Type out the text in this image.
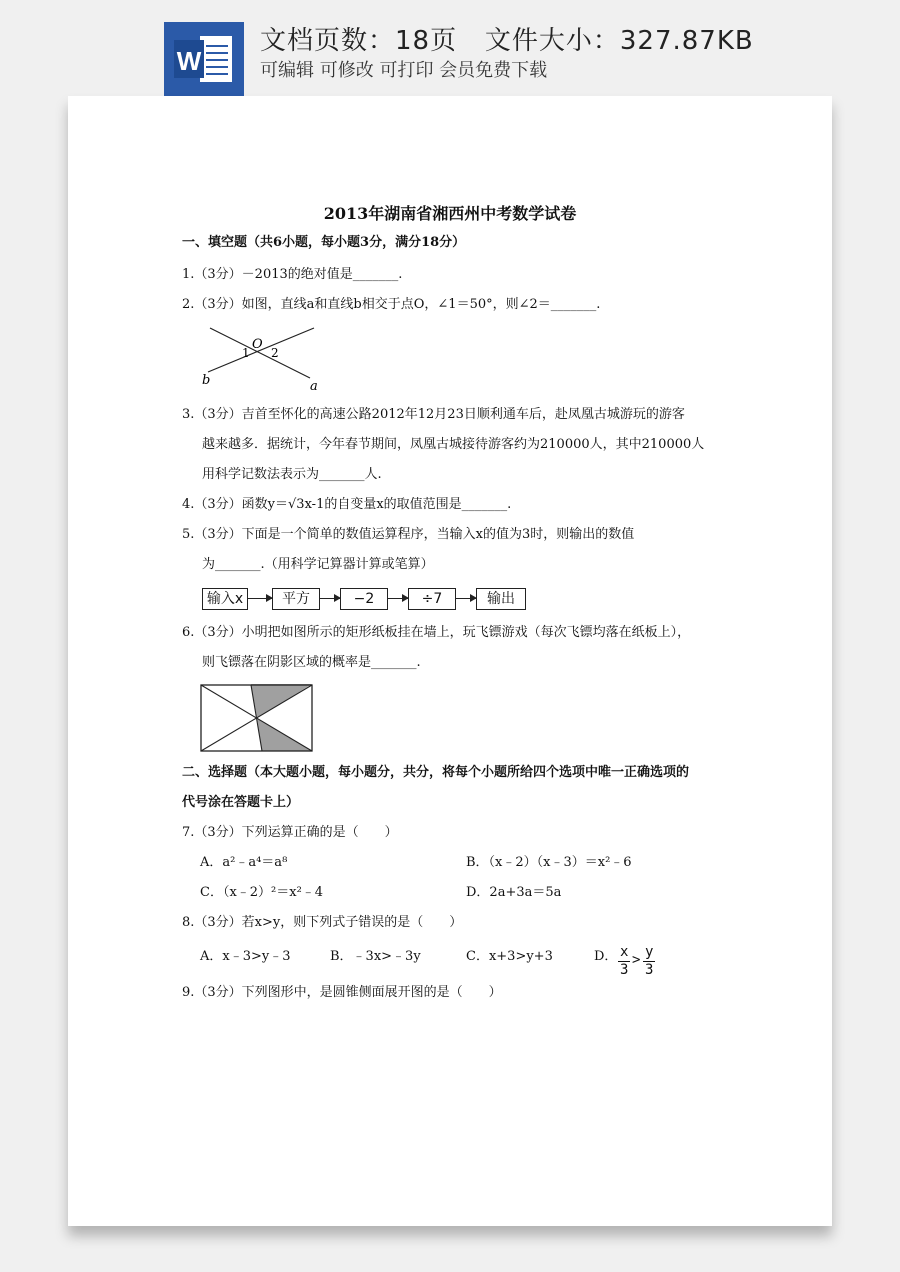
W
文档页数：18页   文件大小：327.87KB
可编辑 可修改 可打印 会员免费下载
2013年湖南省湘西州中考数学试卷
一、填空题（共6小题，每小题3分，满分18分）
1.（3分）－2013的绝对值是_______.
2.（3分）如图，直线a和直线b相交于点O，∠1＝50°，则∠2＝_______.
O
1 2
b	a
3.（3分）吉首至怀化的高速公路2012年12月23日顺利通车后，赴凤凰古城游玩的游客
越来越多．据统计，今年春节期间，凤凰古城接待游客约为210000人，其中210000人
用科学记数法表示为_______人.
4.（3分）函数y＝√3x-1的自变量x的取值范围是_______.
5.（3分）下面是一个简单的数值运算程序，当输入x的值为3时，则输出的数值
为_______.（用科学记算器计算或笔算）
输入x	平方	−2	÷7	输出
6.（3分）小明把如图所示的矩形纸板挂在墙上，玩飞镖游戏（每次飞镖均落在纸板上），
则飞镖落在阴影区域的概率是_______.
二、选择题（本大题小题，每小题分，共分，将每个小题所给四个选项中唯一正确选项的
代号涂在答题卡上）
7.（3分）下列运算正确的是（　　）
A．a²﹣a⁴＝a⁸	B．（x﹣2）（x﹣3）＝x²﹣6
C．（x﹣2）²＝x²﹣4	D．2a+3a＝5a
8.（3分）若x>y，则下列式子错误的是（　　）
A．x﹣3>y﹣3	B．﹣3x>﹣3y	C．x+3>y+3	D． x
3
> y
3
9.（3分）下列图形中，是圆锥侧面展开图的是（　　）
